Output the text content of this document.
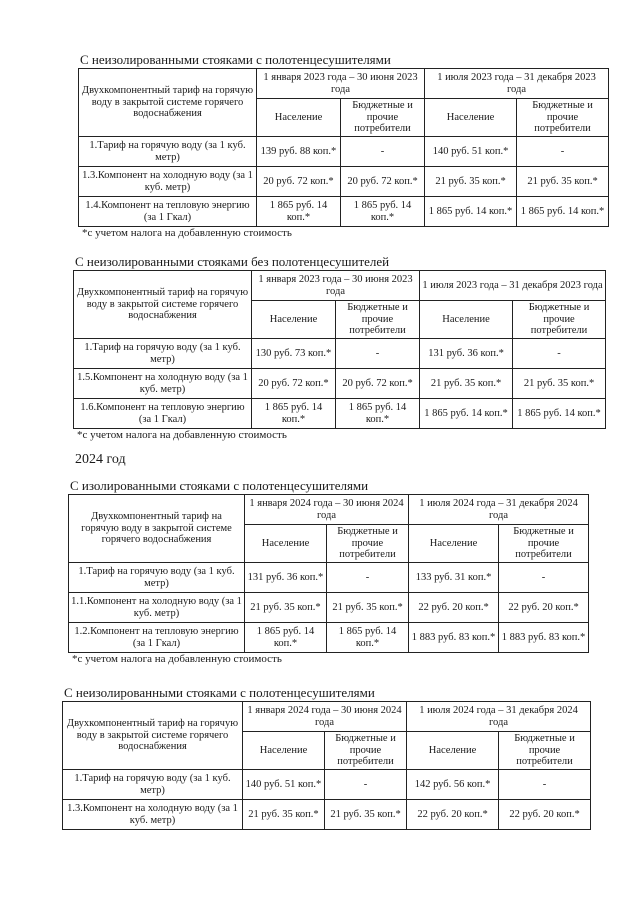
С неизолированными стояками с полотенцесушителями
Двухкомпонентный тариф на горячую воду в закрытой системе горячего водоснабжения	1 января 2023 года – 30 июня 2023 года		1 июля 2023 года – 31 декабря 2023 года	
	Население	Бюджетные и прочие потребители	Население	Бюджетные и прочие потребители
1.Тариф на горячую воду (за 1 куб. метр)	139 руб. 88 коп.*	-	140 руб. 51 коп.*	-
1.3.Компонент на холодную воду (за 1 куб. метр)	20 руб. 72 коп.*	20 руб. 72 коп.*	21 руб. 35 коп.*	21 руб. 35 коп.*
1.4.Компонент на тепловую энергию (за 1 Гкал)	1 865 руб. 14 коп.*	1 865 руб. 14 коп.*	1 865 руб. 14 коп.*	1 865 руб. 14 коп.*
*с учетом налога на добавленную стоимость
С неизолированными стояками без полотенцесушителей
Двухкомпонентный тариф на горячую воду в закрытой системе горячего водоснабжения	1 января 2023 года – 30 июня 2023 года		1 июля 2023 года – 31 декабря 2023 года	
	Население	Бюджетные и прочие потребители	Население	Бюджетные и прочие потребители
1.Тариф на горячую воду (за 1 куб. метр)	130 руб. 73 коп.*	-	131 руб. 36 коп.*	-
1.5.Компонент на холодную воду (за 1 куб. метр)	20 руб. 72 коп.*	20 руб. 72 коп.*	21 руб. 35 коп.*	21 руб. 35 коп.*
1.6.Компонент на тепловую энергию (за 1 Гкал)	1 865 руб. 14 коп.*	1 865 руб. 14 коп.*	1 865 руб. 14 коп.*	1 865 руб. 14 коп.*
*с учетом налога на добавленную стоимость
2024 год
С изолированными стояками с полотенцесушителями
Двухкомпонентный тариф на горячую воду в закрытой системе горячего водоснабжения	1 января 2024 года – 30 июня 2024 года		1 июля 2024 года – 31 декабря 2024 года	
	Население	Бюджетные и прочие потребители	Население	Бюджетные и прочие потребители
1.Тариф на горячую воду (за 1 куб. метр)	131 руб. 36 коп.*	-	133 руб. 31 коп.*	-
1.1.Компонент на холодную воду (за 1 куб. метр)	21 руб. 35 коп.*	21 руб. 35 коп.*	22 руб. 20 коп.*	22 руб. 20 коп.*
1.2.Компонент на тепловую энергию (за 1 Гкал)	1 865 руб. 14 коп.*	1 865 руб. 14 коп.*	1 883 руб. 83 коп.*	1 883 руб. 83 коп.*
*с учетом налога на добавленную стоимость
С неизолированными стояками с полотенцесушителями
Двухкомпонентный тариф на горячую воду в закрытой системе горячего водоснабжения	1 января 2024 года – 30 июня 2024 года		1 июля 2024 года – 31 декабря 2024 года	
	Население	Бюджетные и прочие потребители	Население	Бюджетные и прочие потребители
1.Тариф на горячую воду (за 1 куб. метр)	140 руб. 51 коп.*	-	142 руб. 56 коп.*	-
1.3.Компонент на холодную воду (за 1 куб. метр)	21 руб. 35 коп.*	21 руб. 35 коп.*	22 руб. 20 коп.*	22 руб. 20 коп.*
